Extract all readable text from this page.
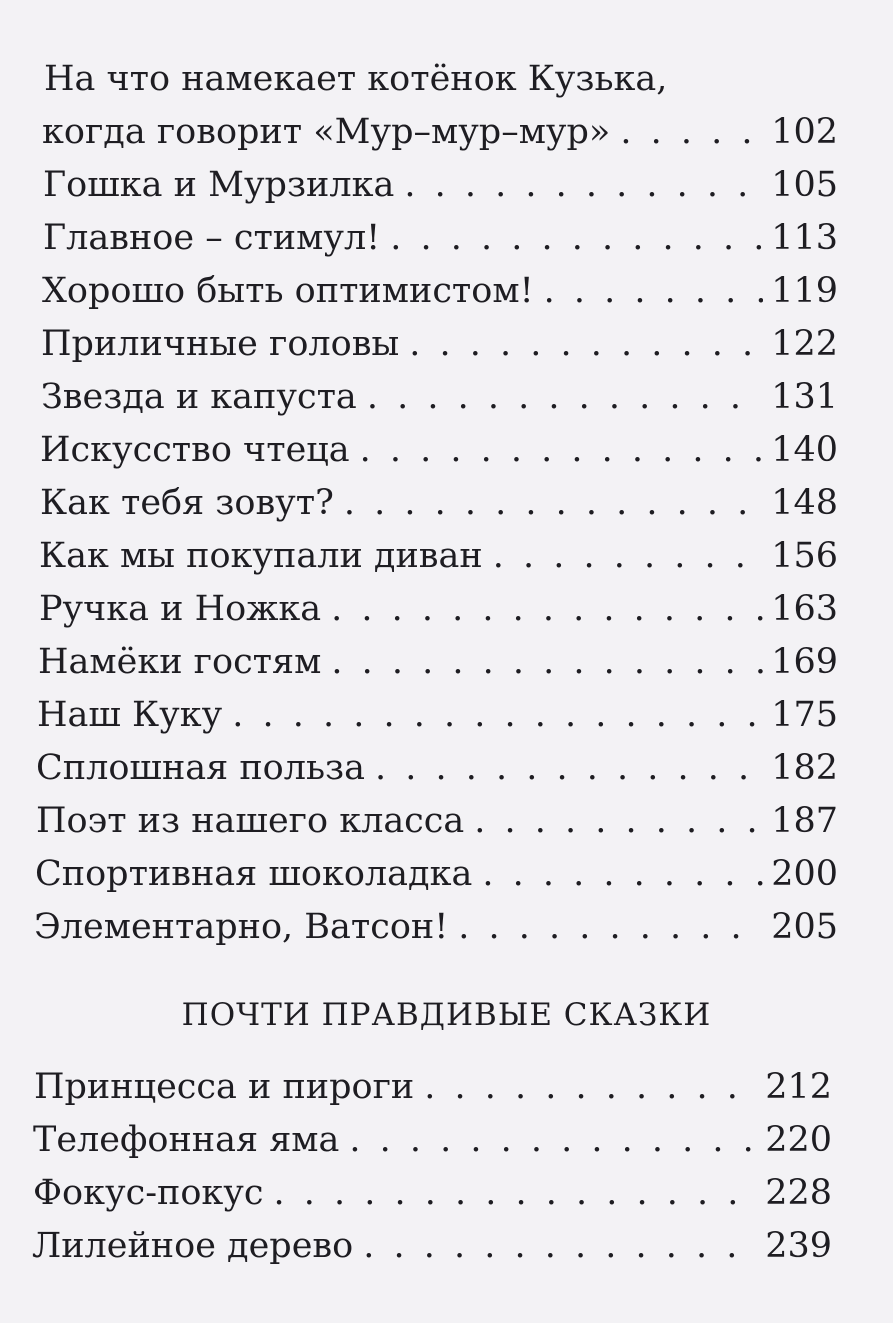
На что намекает котёнок Кузька,
когда говорит «Мур–мур–мур» . . .	102
Гошка и Мурзилка . . .	105
Главное – стимул! . . .	113
Хорошо быть оптимистом! . . .	119
Приличные головы . . .	122
Звезда и капуста . . .	131
Искусство чтеца . . .	140
Как тебя зовут? . . .	148
Как мы покупали диван . . .	156
Ручка и Ножка . . .	163
Намёки гостям . . .	169
Наш Куку . . .	175
Сплошная польза . . .	182
Поэт из нашего класса . . .	187
Спортивная шоколадка . . .	200
Элементарно, Ватсон! . . .	205
ПОЧТИ ПРАВДИВЫЕ СКАЗКИ
Принцесса и пироги . . .	212
Телефонная яма . . .	220
Фокус-покус . . .	228
Лилейное дерево . . .	239
